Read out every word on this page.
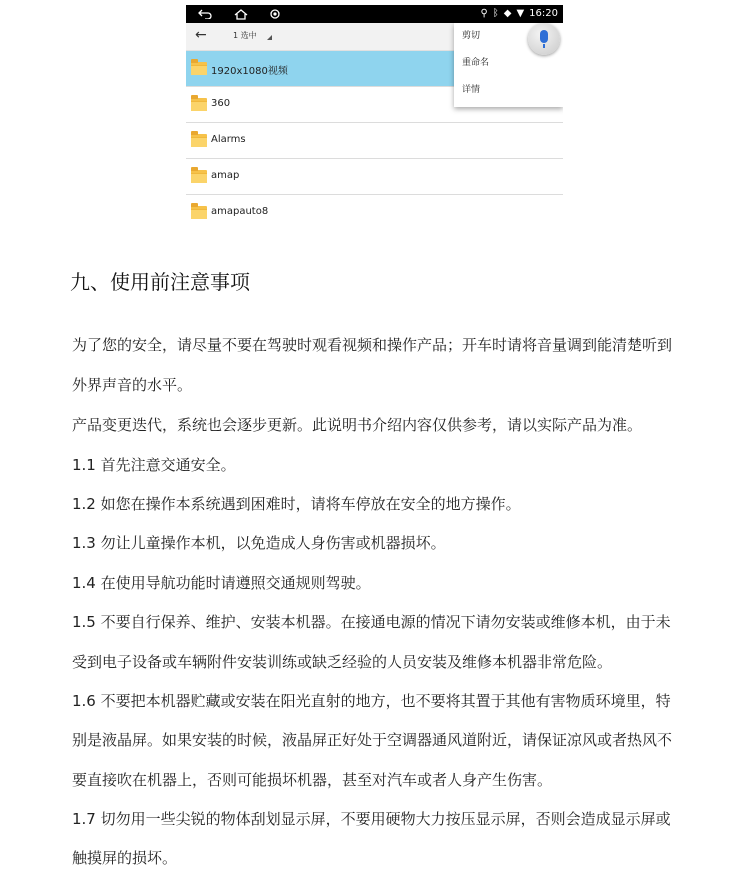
⚲ ᛒ ◆ ▼ 16:20
←	1 选中
1920x1080视频
360
Alarms
amap
amapauto8
剪切
重命名
详情
九、使用前注意事项
为了您的安全，请尽量不要在驾驶时观看视频和操作产品；开车时请将音量调到能清楚听到
外界声音的水平。
产品变更迭代，系统也会逐步更新。此说明书介绍内容仅供参考，请以实际产品为准。
1.1 首先注意交通安全。
1.2 如您在操作本系统遇到困难时，请将车停放在安全的地方操作。
1.3 勿让儿童操作本机，以免造成人身伤害或机器损坏。
1.4 在使用导航功能时请遵照交通规则驾驶。
1.5 不要自行保养、维护、安装本机器。在接通电源的情况下请勿安装或维修本机，由于未
受到电子设备或车辆附件安装训练或缺乏经验的人员安装及维修本机器非常危险。
1.6 不要把本机器贮藏或安装在阳光直射的地方，也不要将其置于其他有害物质环境里，特
别是液晶屏。如果安装的时候，液晶屏正好处于空调器通风道附近，请保证凉风或者热风不
要直接吹在机器上，否则可能损坏机器，甚至对汽车或者人身产生伤害。
1.7 切勿用一些尖锐的物体刮划显示屏，不要用硬物大力按压显示屏，否则会造成显示屏或
触摸屏的损坏。
